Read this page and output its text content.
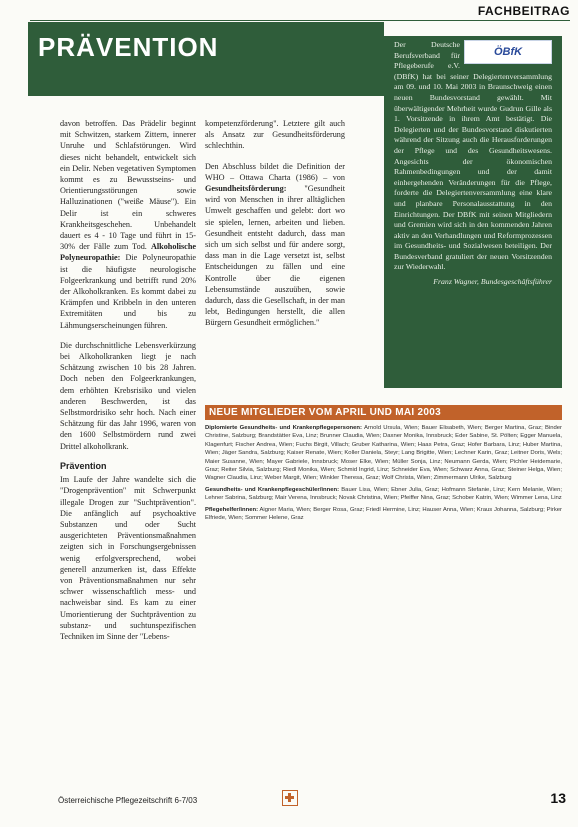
FACHBEITRAG
PRÄVENTION

davon betroffen. Das Prädelir beginnt mit Schwitzen, starkem Zittern, innerer Unruhe und Schlafstörungen. Wird dieses nicht behandelt, entwickelt sich ein Delir. Neben vegetativen Symptomen kommt es zu Bewusstseins- und Orientierungsstörungen sowie Halluzinationen ("weiße Mäuse"). Ein Delir ist ein schweres Krankheitsgeschehen. Unbehandelt dauert es 4 - 10 Tage und führt in 15-30% der Fälle zum Tod. Alkoholische Polyneuropathie: Die Polyneuropathie ist die häufigste neurologische Folgeerkrankung und betrifft rund 20% der Alkoholkranken. Es kommt dabei zu Krämpfen und Kribbeln in den unteren Extremitäten und bis zu Lähmungserscheinungen führen.

Die durchschnittliche Lebensverkürzung bei Alkoholkranken liegt je nach Schätzung zwischen 10 bis 28 Jahren. Doch neben den Folgeerkrankungen, dem erhöhten Krebsrisiko und vielen anderen Beschwerden, ist das Selbstmordrisiko sehr hoch. Nach einer Schätzung für das Jahr 1996, waren von den 1600 Selbstmördern rund zwei Drittel alkoholkrank.

Prävention

Im Laufe der Jahre wandelte sich die "Drogenprävention" mit Schwerpunkt illegale Drogen zur "Suchtprävention". Die anfänglich auf psychoaktive Substanzen und oder Sucht ausgerichteten Präventionsmaßnahmen zeigten sich in Forschungsergebnissen wenig erfolgversprechend, wobei generell anzumerken ist, dass Effekte von Präventionsmaßnahmen nur sehr schwer wissenschaftlich mess- und nachweisbar sind. Es kam zu einer Umorientierung der Suchtprävention zu substanz- und suchtunspezifischen Techniken im Sinne der "Lebens-

kompetenzförderung". Letztere gilt auch als Ansatz zur Gesundheitsförderung schlechthin.

Den Abschluss bildet die Definition der WHO – Ottawa Charta (1986) – von Gesundheitsförderung: "Gesundheit wird von Menschen in ihrer alltäglichen Umwelt geschaffen und gelebt: dort wo sie spielen, lernen, arbeiten und lieben. Gesundheit entsteht dadurch, dass man sich um sich selbst und für andere sorgt, dass man in die Lage versetzt ist, selbst Entscheidungen zu fällen und eine Kontrolle über die eigenen Lebensumstände auszuüben, sowie dadurch, dass die Gesellschaft, in der man lebt, Bedingungen herstellt, die allen Bürgern Gesundheit ermöglichen."

ÖBfK
Der Deutsche Berufsverband für Pflegeberufe e.V. (DBfK) hat bei seiner Delegiertenversammlung am 09. und 10. Mai 2003 in Braunschweig einen neuen Bundesvorstand gewählt. Mit überwältigender Mehrheit wurde Gudrun Gille als 1. Vorsitzende in ihrem Amt bestätigt. Die Delegierten und der Bundesvorstand diskutierten während der Sitzung auch die Herausforderungen der Pflege und des Gesundheitswesens. Angesichts der ökonomischen Rahmenbedingungen und der damit einhergehenden Veränderungen für die Pflege, forderte die Delegiertenversammlung eine klare und planbare Personalausstattung in den Einrichtungen. Der DBfK mit seinen Mitgliedern und Gremien wird sich in den kommenden Jahren aktiv an den Verhandlungen und Reformprozessen im Gesundheits- und Sozialwesen beteiligen. Der Bundesverband gratuliert der neuen Vorsitzenden zur Wiederwahl.
Franz Wagner, Bundesgeschäftsführer
NEUE MITGLIEDER VOM APRIL UND MAI 2003

Diplomierte Gesundheits- und Krankenpflegepersonen: Arnold Ursula, Wien; Bauer Elisabeth, Wien; Berger Martina, Graz; Binder Christine, Salzburg; Brandstätter Eva, Linz; Brunner Claudia, Wien; Daxner Monika, Innsbruck; Eder Sabine, St. Pölten; Egger Manuela, Klagenfurt; Fischer Andrea, Wien; Fuchs Birgit, Villach; Gruber Katharina, Wien; Haas Petra, Graz; Hofer Barbara, Linz; Huber Martina, Wien; Jäger Sandra, Salzburg; Kaiser Renate, Wien; Koller Daniela, Steyr; Lang Brigitte, Wien; Lechner Karin, Graz; Leitner Doris, Wels; Maier Susanne, Wien; Mayer Gabriele, Innsbruck; Moser Elke, Wien; Müller Sonja, Linz; Neumann Gerda, Wien; Pichler Heidemarie, Graz; Reiter Silvia, Salzburg; Riedl Monika, Wien; Schmid Ingrid, Linz; Schneider Eva, Wien; Schwarz Anna, Graz; Steiner Helga, Wien; Wagner Claudia, Linz; Weber Margit, Wien; Winkler Theresa, Graz; Wolf Christa, Wien; Zimmermann Ulrike, Salzburg

Gesundheits- und Krankenpflegeschüler/innen: Bauer Lisa, Wien; Ebner Julia, Graz; Hofmann Stefanie, Linz; Kern Melanie, Wien; Lehner Sabrina, Salzburg; Mair Verena, Innsbruck; Novak Christina, Wien; Pfeiffer Nina, Graz; Schober Katrin, Wien; Wimmer Lena, Linz

Pflegehelfer/innen: Aigner Maria, Wien; Berger Rosa, Graz; Friedl Hermine, Linz; Hauser Anna, Wien; Kraus Johanna, Salzburg; Pirker Elfriede, Wien; Sommer Helene, Graz

Österreichische Pflegezeitschrift 6-7/03	13
